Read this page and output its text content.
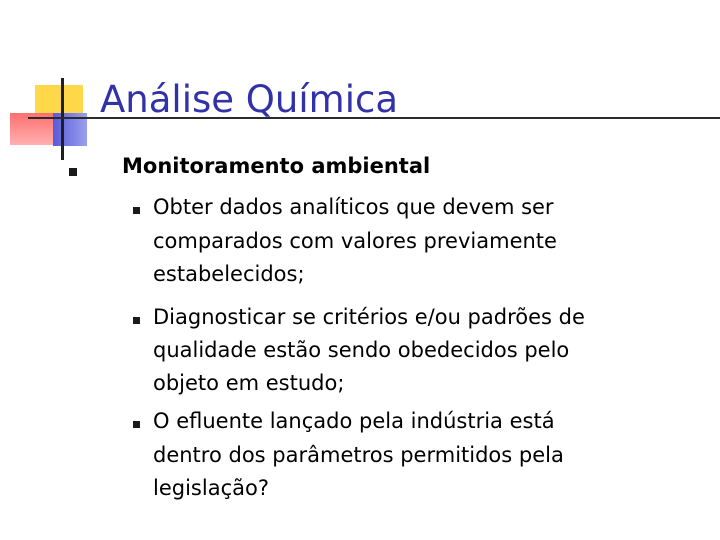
Análise Química
Monitoramento ambiental
Obter dados analíticos que devem ser
comparados com valores previamente
estabelecidos;
Diagnosticar se critérios e/ou padrões de
qualidade estão sendo obedecidos pelo
objeto em estudo;
O efluente lançado pela indústria está
dentro dos parâmetros permitidos pela
legislação?
